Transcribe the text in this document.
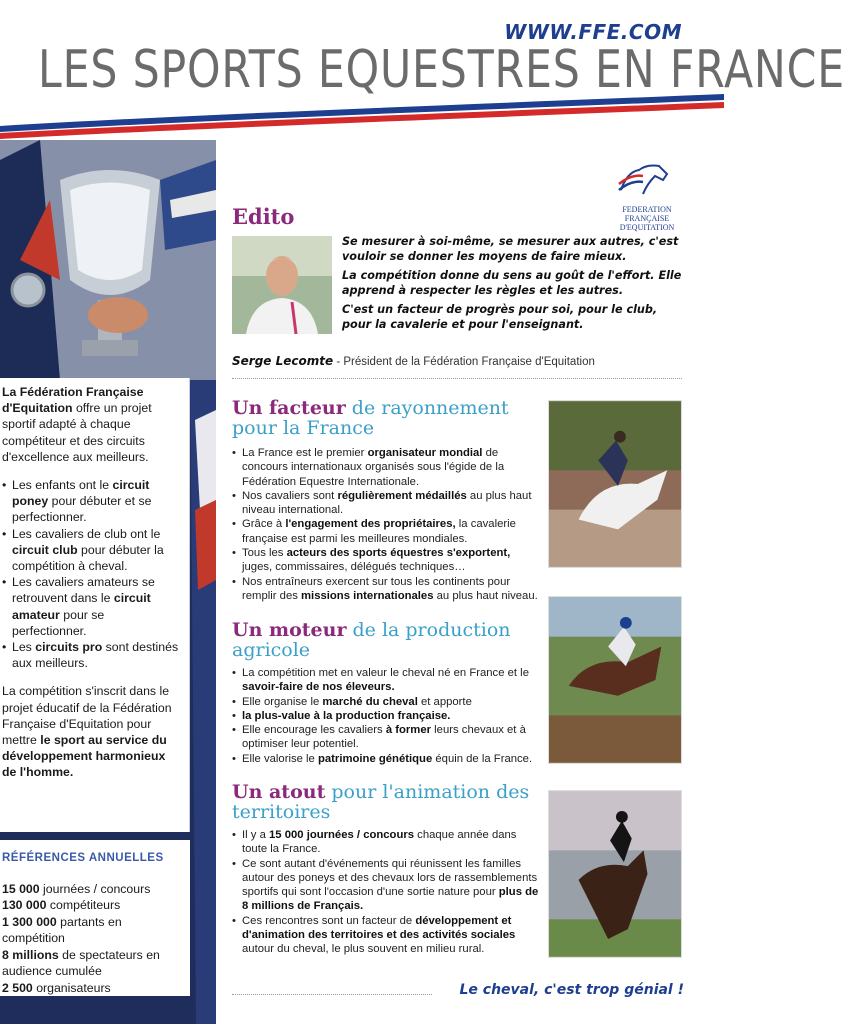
WWW.FFE.COM
LES SPORTS EQUESTRES EN FRANCE

La Fédération Française d'Equitation offre un projet sportif adapté à chaque compétiteur et des circuits d'excellence aux meilleurs.

• Les enfants ont le circuit poney pour débuter et se perfectionner.
• Les cavaliers de club ont le circuit club pour débuter la compétition à cheval.
• Les cavaliers amateurs se retrouvent dans le circuit amateur pour se perfectionner.
• Les circuits pro sont destinés aux meilleurs.

La compétition s'inscrit dans le projet éducatif de la Fédération Française d'Equitation pour mettre le sport au service du développement harmonieux de l'homme.

RÉFÉRENCES ANNUELLES
15 000 journées / concours
130 000 compétiteurs
1 300 000 partants en compétition
8 millions de spectateurs en audience cumulée
2 500 organisateurs
FEDERATION FRANÇAISE
D'EQUITATION
Edito

Se mesurer à soi-même, se mesurer aux autres, c'est vouloir se donner les moyens de faire mieux.

La compétition donne du sens au goût de l'effort. Elle apprend à respecter les règles et les autres.

C'est un facteur de progrès pour soi, pour le club, pour la cavalerie et pour l'enseignant.

Serge Lecomte - Président de la Fédération Française d'Equitation
Un facteur de rayonnement pour la France
• La France est le premier organisateur mondial de concours internationaux organisés sous l'égide de la Fédération Equestre Internationale.
• Nos cavaliers sont régulièrement médaillés au plus haut niveau international.
• Grâce à l'engagement des propriétaires, la cavalerie française est parmi les meilleures mondiales.
• Tous les acteurs des sports équestres s'exportent, juges, commissaires, délégués techniques…
• Nos entraîneurs exercent sur tous les continents pour remplir des missions internationales au plus haut niveau.
Un moteur de la production agricole
• La compétition met en valeur le cheval né en France et le savoir-faire de nos éleveurs.
• Elle organise le marché du cheval et apporte
• la plus-value à la production française.
• Elle encourage les cavaliers à former leurs chevaux et à optimiser leur potentiel.
• Elle valorise le patrimoine génétique équin de la France.
Un atout pour l'animation des territoires
• Il y a 15 000 journées / concours chaque année dans toute la France.
• Ce sont autant d'événements qui réunissent les familles autour des poneys et des chevaux lors de rassemblements sportifs qui sont l'occasion d'une sortie nature pour plus de 8 millions de Français.
• Ces rencontres sont un facteur de développement et d'animation des territoires et des activités sociales autour du cheval, le plus souvent en milieu rural.
Le cheval, c'est trop génial !
